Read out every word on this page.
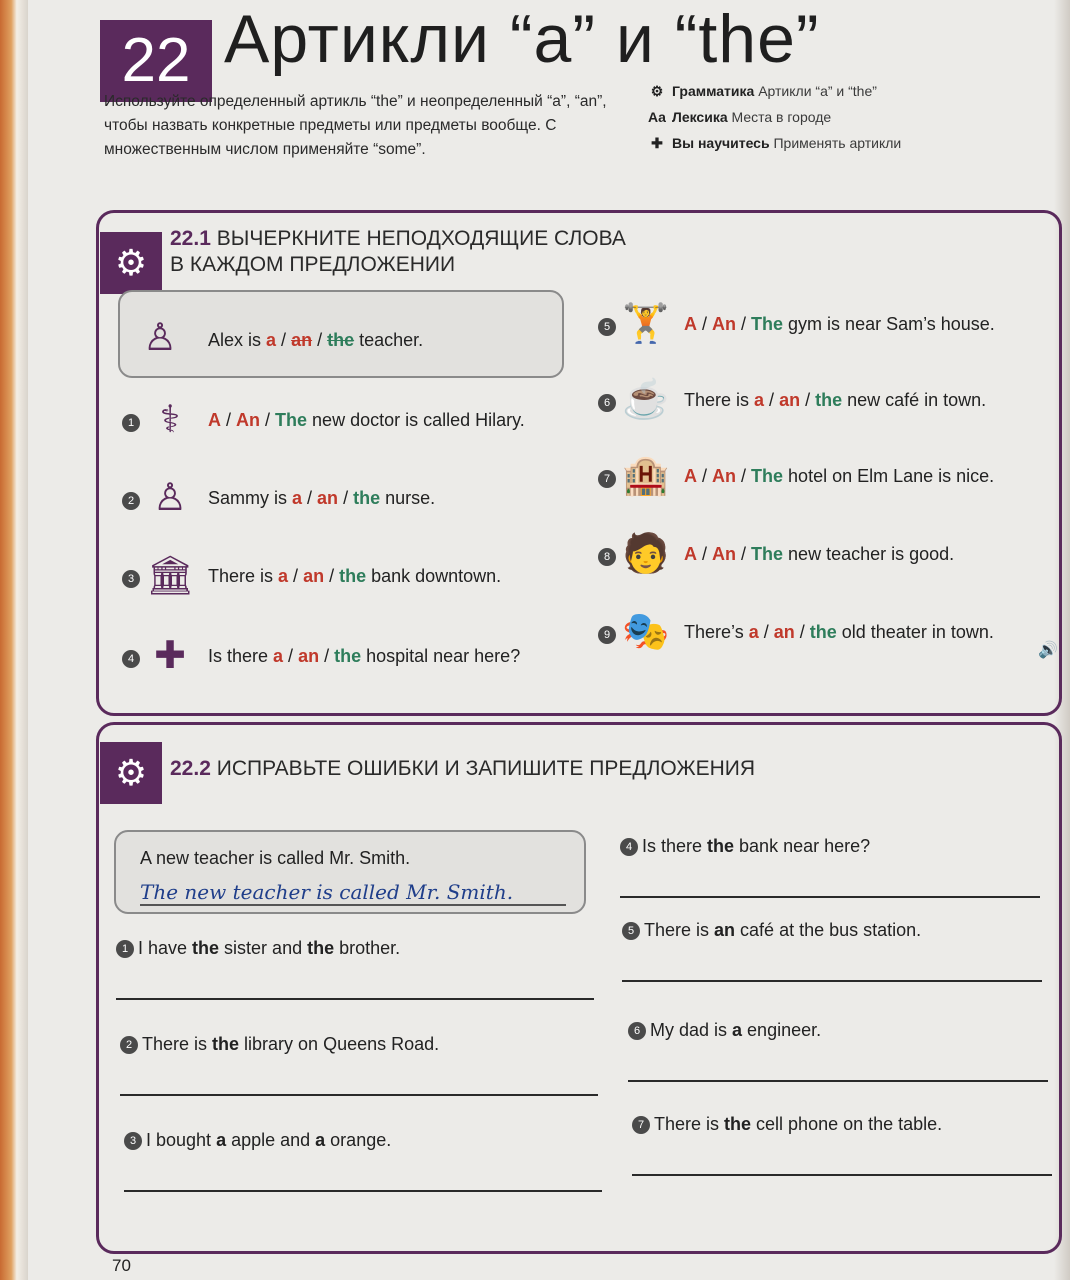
22 Артикли “a” и “the”
Используйте определенный артикль “the” и неопределенный “a”, “an”, чтобы назвать конкретные предметы или предметы вообще. С множественным числом применяйте “some”.
⚙ Грамматика Артикли “a” и “the”
Aa Лексика Места в городе
✚ Вы научитесь Применять артикли
⚙
22.1 ВЫЧЕРКНИТЕ НЕПОДХОДЯЩИЕ СЛОВА
В КАЖДОМ ПРЕДЛОЖЕНИИ
♙	Alex is a / an / the teacher.
1 ⚕	A / An / The new doctor is called Hilary.
2 ♙	Sammy is a / an / the nurse.
3 🏛 There is a / an / the bank downtown.
4 ✚	Is there a / an / the hospital near here?
5 🏋 A / An / The gym is near Sam’s house.
6 ☕ There is a / an / the new café in town.
7 🏨 A / An / The hotel on Elm Lane is nice.
8 🧑 A / An / The new teacher is good.
9 🎭 There’s a / an / the old theater in town.
🔊
⚙	22.2 ИСПРАВЬТЕ ОШИБКИ И ЗАПИШИТЕ ПРЕДЛОЖЕНИЯ
A new teacher is called Mr. Smith.
The new teacher is called Mr. Smith.
1 I have the sister and the brother.
2 There is the library on Queens Road.
3 I bought a apple and a orange.
4 Is there the bank near here?
5 There is an café at the bus station.
6 My dad is a engineer.
7 There is the cell phone on the table.
70
